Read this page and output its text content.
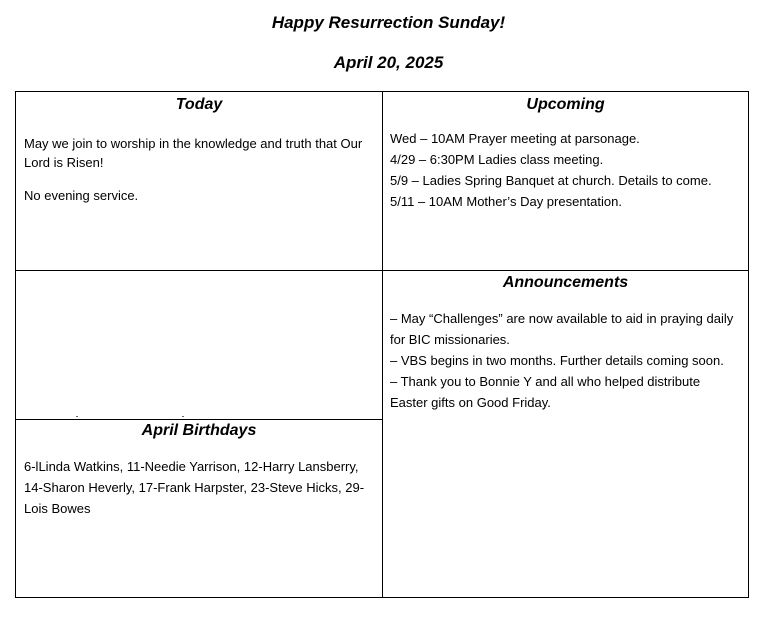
Happy Resurrection Sunday!
April 20, 2025
Today

May we join to worship in the knowledge and truth that Our Lord is Risen!

No evening service.

Upcoming

Wed – 10AM Prayer meeting at parsonage.

4/29 – 6:30PM Ladies class meeting.

5/9 – Ladies Spring Banquet at church. Details to come.

5/11 – 10AM Mother’s Day presentation.

Announcements

– May “Challenges” are now available to aid in praying daily for BIC missionaries.

– VBS begins in two months. Further details coming soon.

– Thank you to Bonnie Y and all who helped distribute Easter gifts on Good Friday.

April Birthdays

6-lLinda Watkins, 11-Needie Yarrison, 12-Harry Lansberry, 14-Sharon Heverly, 17-Frank Harpster, 23-Steve Hicks, 29-Lois Bowes
